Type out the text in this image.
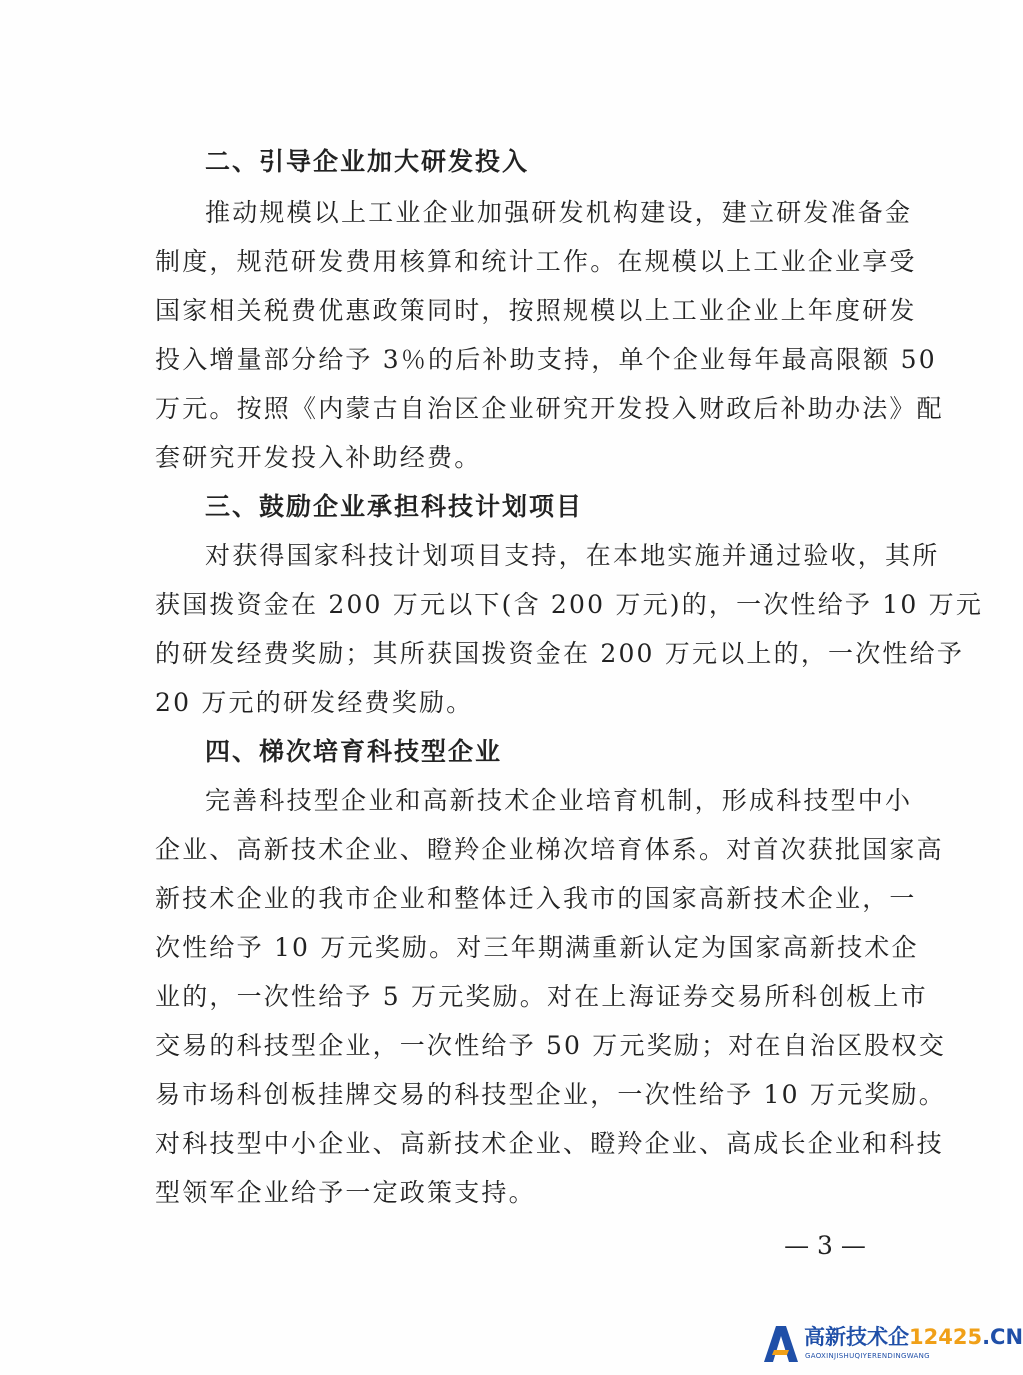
二、引导企业加大研发投入
推动规模以上工业企业加强研发机构建设，建立研发准备金
制度，规范研发费用核算和统计工作。在规模以上工业企业享受
国家相关税费优惠政策同时，按照规模以上工业企业上年度研发
投入增量部分给予 3％的后补助支持，单个企业每年最高限额 50
万元。按照《内蒙古自治区企业研究开发投入财政后补助办法》配
套研究开发投入补助经费。
三、鼓励企业承担科技计划项目
对获得国家科技计划项目支持，在本地实施并通过验收，其所
获国拨资金在 200 万元以下(含 200 万元)的，一次性给予 10 万元
的研发经费奖励；其所获国拨资金在 200 万元以上的，一次性给予
20 万元的研发经费奖励。
四、梯次培育科技型企业
完善科技型企业和高新技术企业培育机制，形成科技型中小
企业、高新技术企业、瞪羚企业梯次培育体系。对首次获批国家高
新技术企业的我市企业和整体迁入我市的国家高新技术企业，一
次性给予 10 万元奖励。对三年期满重新认定为国家高新技术企
业的，一次性给予 5 万元奖励。对在上海证券交易所科创板上市
交易的科技型企业，一次性给予 50 万元奖励；对在自治区股权交
易市场科创板挂牌交易的科技型企业，一次性给予 10 万元奖励。
对科技型中小企业、高新技术企业、瞪羚企业、高成长企业和科技
型领军企业给予一定政策支持。
— 3 —
高新技术企12425.CN
GAOXINJISHUQIYERENDINGWANG
